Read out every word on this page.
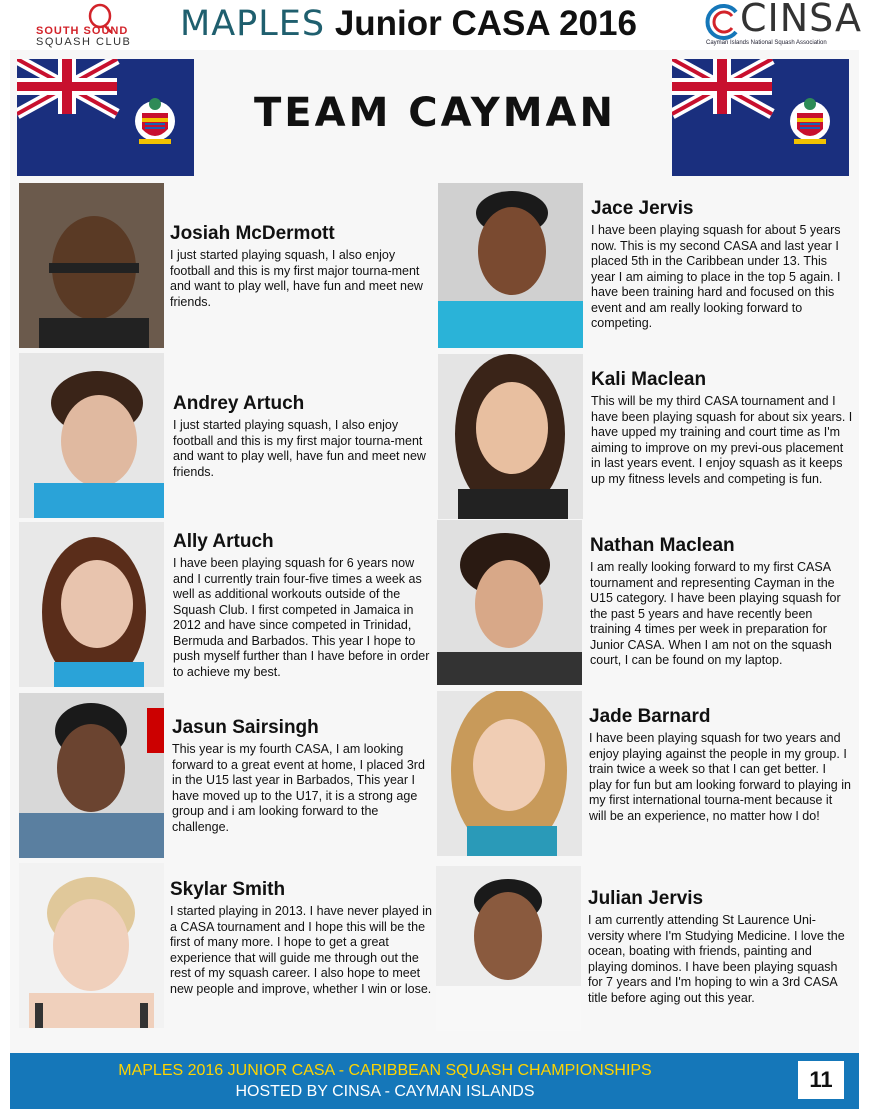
SOUTH SOUND
SQUASH CLUB MAPLES Junior CASA 2016	CINSA
Cayman Islands National Squash Association
TEAM CAYMAN
Josiah McDermott
I just started playing squash, I also enjoy football and this is my first major tourna-ment and want to play well, have fun and meet new friends.
Andrey Artuch
I just started playing squash, I also enjoy football and this is my first major tourna-ment and want to play well, have fun and meet new friends.
Ally Artuch
I have been playing squash for 6 years now and I currently train four-five times a week as well as additional workouts outside of the Squash Club. I first competed in Jamaica in 2012 and have since competed in Trinidad, Bermuda and Barbados. This year I hope to push myself further than I have before in order to achieve my best.
Jasun Sairsingh
This year is my fourth CASA, I am looking forward to a great event at home, I placed 3rd in the U15 last year in Barbados, This year I have moved up to the U17, it is a strong age group and i am looking forward to the challenge.
Skylar Smith
I started playing in 2013. I have never played in a CASA tournament and I hope this will be the first of many more. I hope to get a great experience that will guide me through out the rest of my squash career. I also hope to meet new people and improve, whether I win or lose.
Jace Jervis
I have been playing squash for about 5 years now. This is my second CASA and last year I placed 5th in the Caribbean under 13. This year I am aiming to place in the top 5 again. I have been training hard and focused on this event and am really looking forward to competing.
Kali Maclean
This will be my third CASA tournament and I have been playing squash for about six years. I have upped my training and court time as I'm aiming to improve on my previ-ous placement in last years event. I enjoy squash as it keeps up my fitness levels and competing is fun.
Nathan Maclean
I am really looking forward to my first CASA tournament and representing Cayman in the U15 category. I have been playing squash for the past 5 years and have recently been training 4 times per week in preparation for Junior CASA. When I am not on the squash court, I can be found on my laptop.
Jade Barnard
I have been playing squash for two years and enjoy playing against the people in my group. I train twice a week so that I can get better. I play for fun but am looking forward to playing in my first international tourna-ment because it will be an experience, no matter how I do!
Julian Jervis
I am currently attending St Laurence Uni-versity where I'm Studying Medicine. I love the ocean, boating with friends, painting and playing dominos. I have been playing squash for 7 years and I'm hoping to win a 3rd CASA title before aging out this year.
MAPLES 2016 JUNIOR CASA - CARIBBEAN SQUASH CHAMPIONSHIPS
HOSTED BY CINSA - CAYMAN ISLANDS	11
